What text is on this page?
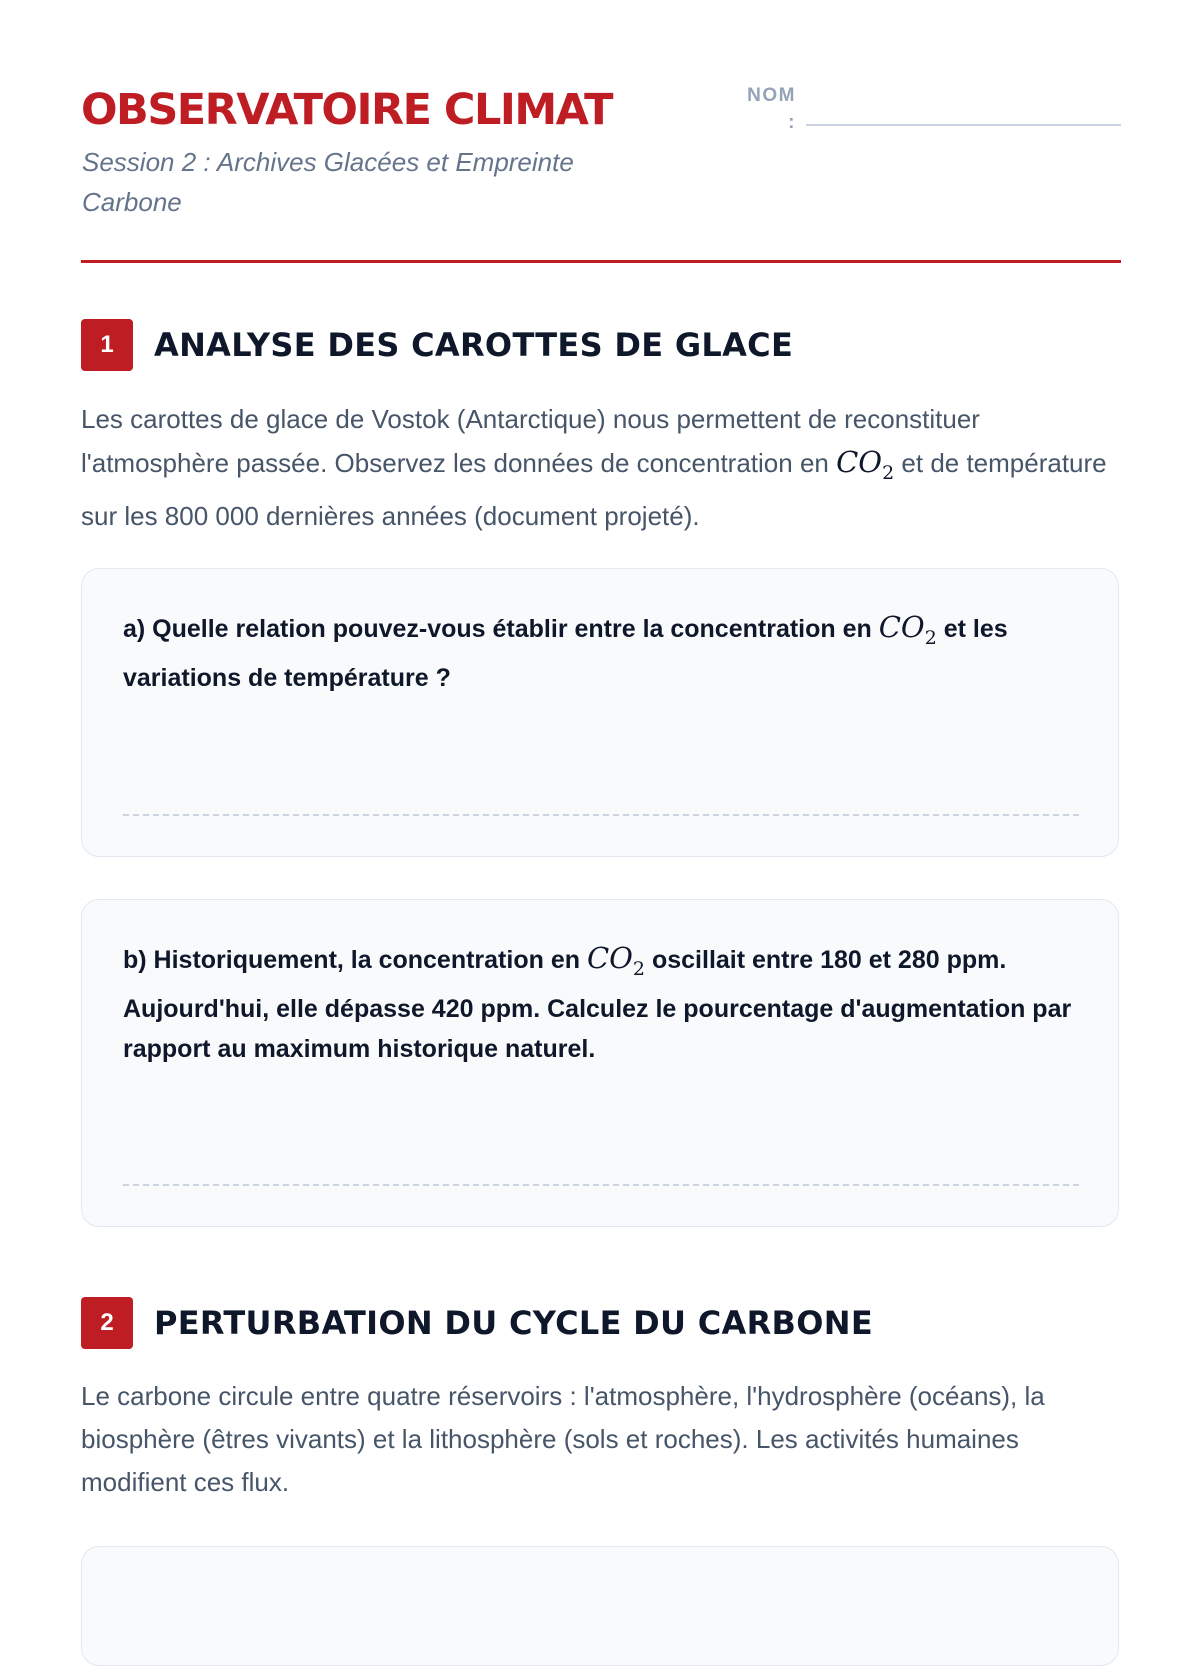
OBSERVATOIRE CLIMAT
Session 2 : Archives Glacées et Empreinte Carbone
NOM
:
1	ANALYSE DES CAROTTES DE GLACE
Les carottes de glace de Vostok (Antarctique) nous permettent de reconstituer l'atmosphère passée. Observez les données de concentration en $CO_2$ et de température sur les 800 000 dernières années (document projeté).
a) Quelle relation pouvez-vous établir entre la concentration en $CO_2$ et les variations de température ?
b) Historiquement, la concentration en $CO_2$ oscillait entre 180 et 280 ppm. Aujourd'hui, elle dépasse 420 ppm. Calculez le pourcentage d'augmentation par rapport au maximum historique naturel.
2	PERTURBATION DU CYCLE DU CARBONE
Le carbone circule entre quatre réservoirs : l'atmosphère, l'hydrosphère (océans), la biosphère (êtres vivants) et la lithosphère (sols et roches). Les activités humaines modifient ces flux.
